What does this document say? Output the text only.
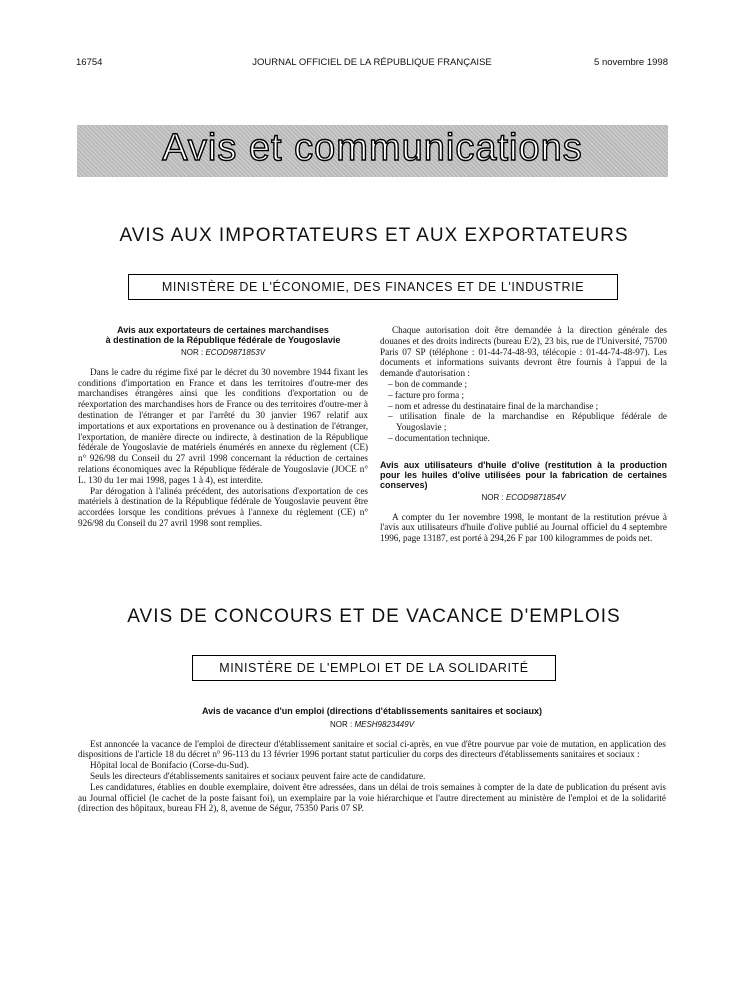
16754	JOURNAL OFFICIEL DE LA RÉPUBLIQUE FRANÇAISE	5 novembre 1998
Avis et communications
AVIS AUX IMPORTATEURS ET AUX EXPORTATEURS
MINISTÈRE DE L'ÉCONOMIE, DES FINANCES ET DE L'INDUSTRIE
Avis aux exportateurs de certaines marchandises
à destination de la République fédérale de Yougoslavie
NOR : ECOD9871853V

Dans le cadre du régime fixé par le décret du 30 novembre 1944 fixant les conditions d'importation en France et dans les territoires d'outre-mer des marchandises étrangères ainsi que les conditions d'exportation ou de réexportation des marchandises hors de France ou des territoires d'outre-mer à destination de l'étranger et par l'arrêté du 30 janvier 1967 relatif aux importations et aux exportations en provenance ou à destination de l'étranger, l'exportation, de manière directe ou indirecte, à destination de la République fédérale de Yougoslavie de matériels énumérés en annexe du règlement (CE) n° 926/98 du Conseil du 27 avril 1998 concernant la réduction de certaines relations économiques avec la République fédérale de Yougoslavie (JOCE n° L. 130 du 1er mai 1998, pages 1 à 4), est interdite.

Par dérogation à l'alinéa précédent, des autorisations d'exportation de ces matériels à destination de la République fédérale de Yougoslavie peuvent être accordées lorsque les conditions prévues à l'annexe du règlement (CE) n° 926/98 du Conseil du 27 avril 1998 sont remplies.

Chaque autorisation doit être demandée à la direction générale des douanes et des droits indirects (bureau E/2), 23 bis, rue de l'Université, 75700 Paris 07 SP (téléphone : 01-44-74-48-93, télécopie : 01-44-74-48-97). Les documents et informations suivants devront être fournis à l'appui de la demande d'autorisation :

– bon de commande ;
– facture pro forma ;
– nom et adresse du destinataire final de la marchandise ;
– utilisation finale de la marchandise en République fédérale de Yougoslavie ;
– documentation technique.
Avis aux utilisateurs d'huile d'olive (restitution à la production pour les huiles d'olive utilisées pour la fabrication de certaines conserves)
NOR : ECOD9871854V

A compter du 1er novembre 1998, le montant de la restitution prévue à l'avis aux utilisateurs d'huile d'olive publié au Journal officiel du 4 septembre 1996, page 13187, est porté à 294,26 F par 100 kilogrammes de poids net.

AVIS DE CONCOURS ET DE VACANCE D'EMPLOIS
MINISTÈRE DE L'EMPLOI ET DE LA SOLIDARITÉ
Avis de vacance d'un emploi (directions d'établissements sanitaires et sociaux)
NOR : MESH9823449V

Est annoncée la vacance de l'emploi de directeur d'établissement sanitaire et social ci-après, en vue d'être pourvue par voie de mutation, en application des dispositions de l'article 18 du décret n° 96-113 du 13 février 1996 portant statut particulier du corps des directeurs d'établissements sanitaires et sociaux :

Hôpital local de Bonifacio (Corse-du-Sud).

Seuls les directeurs d'établissements sanitaires et sociaux peuvent faire acte de candidature.

Les candidatures, établies en double exemplaire, doivent être adressées, dans un délai de trois semaines à compter de la date de publication du présent avis au Journal officiel (le cachet de la poste faisant foi), un exemplaire par la voie hiérarchique et l'autre directement au ministère de l'emploi et de la solidarité (direction des hôpitaux, bureau FH 2), 8, avenue de Ségur, 75350 Paris 07 SP.
